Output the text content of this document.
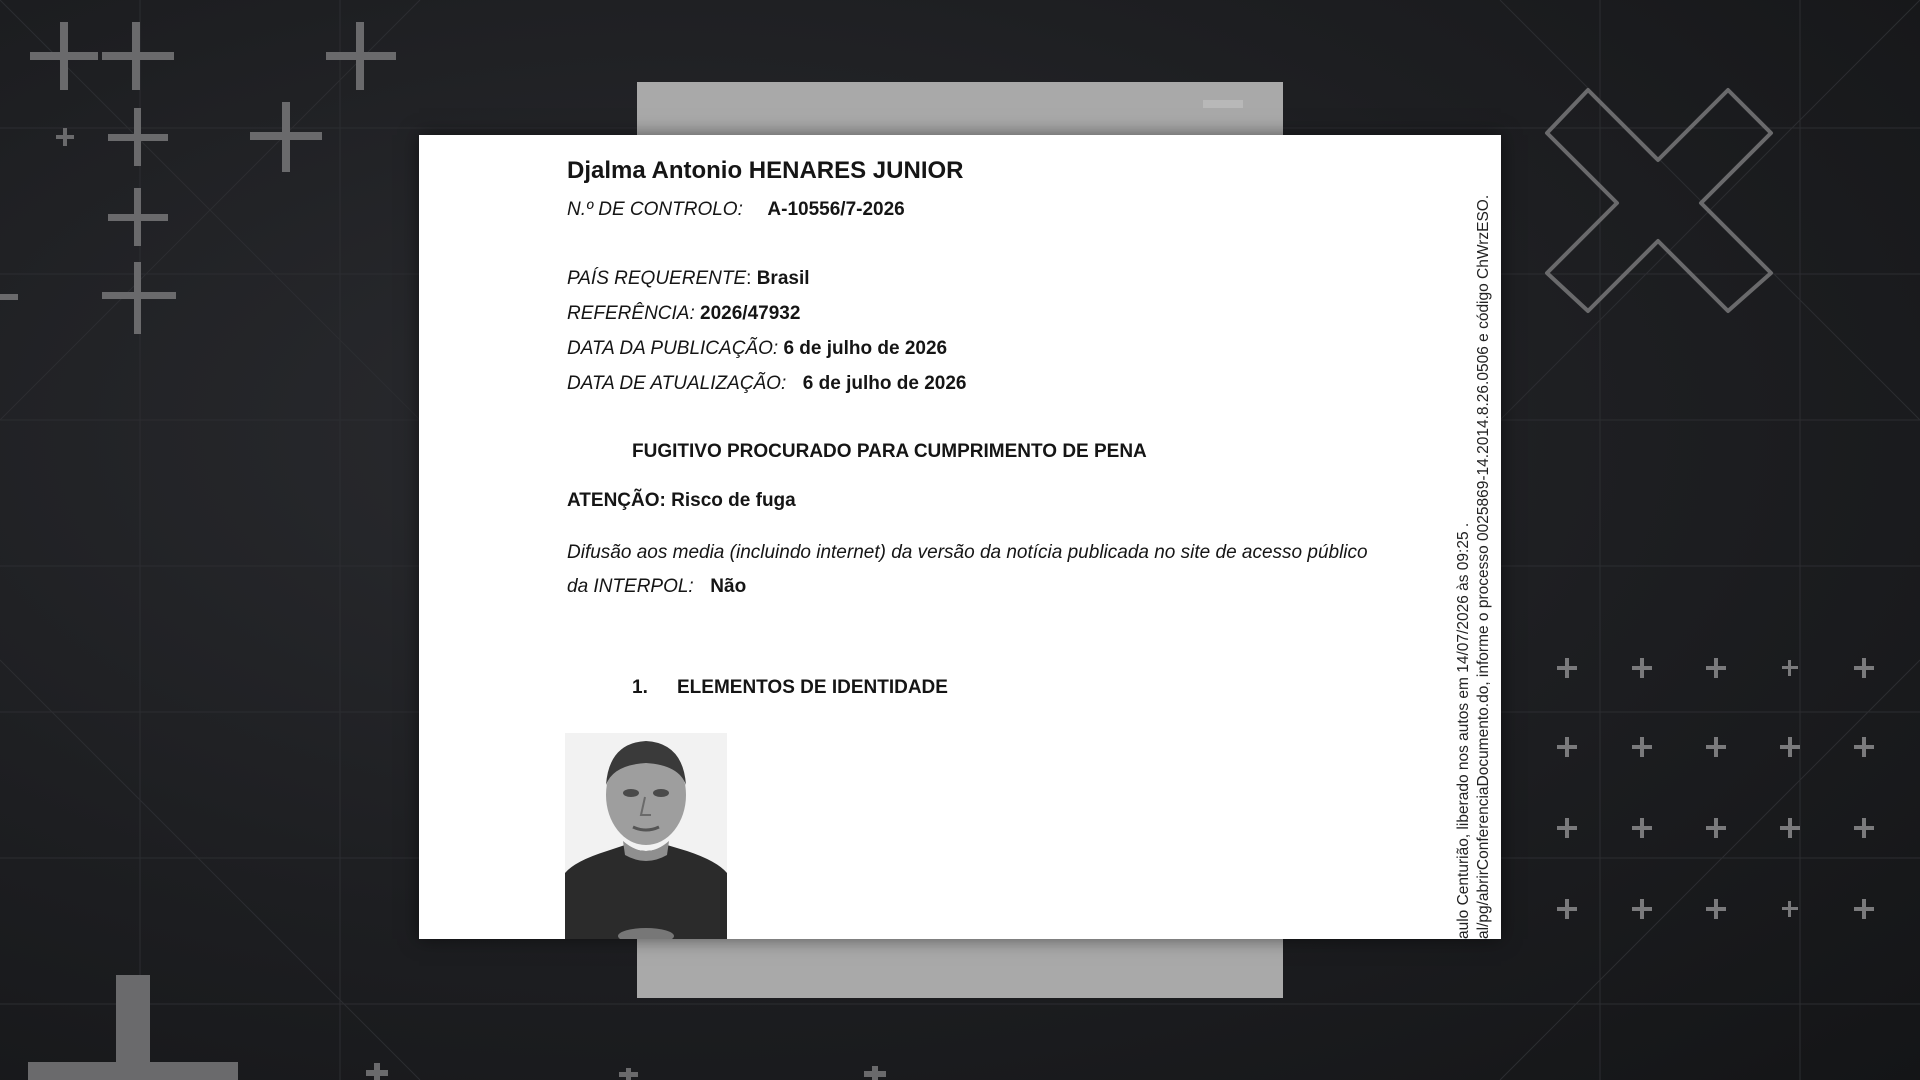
Djalma Antonio HENARES JUNIOR
N.º DE CONTROLO: A-10556/7-2026
PAÍS REQUERENTE: Brasil
REFERÊNCIA: 2026/47932
DATA DA PUBLICAÇÃO: 6 de julho de 2026
DATA DE ATUALIZAÇÃO: 6 de julho de 2026
FUGITIVO PROCURADO PARA CUMPRIMENTO DE PENA
ATENÇÃO: Risco de fuga
Difusão aos media (incluindo internet) da versão da notícia publicada no site de acesso público da INTERPOL: Não
1. ELEMENTOS DE IDENTIDADE	aulo Centurião, liberado nos autos em 14/07/2026 às 09:25 . al/pg/abrirConferenciaDocumento.do, informe o processo 0025869-14.2014.8.26.0506 e código ChWrzESO.
